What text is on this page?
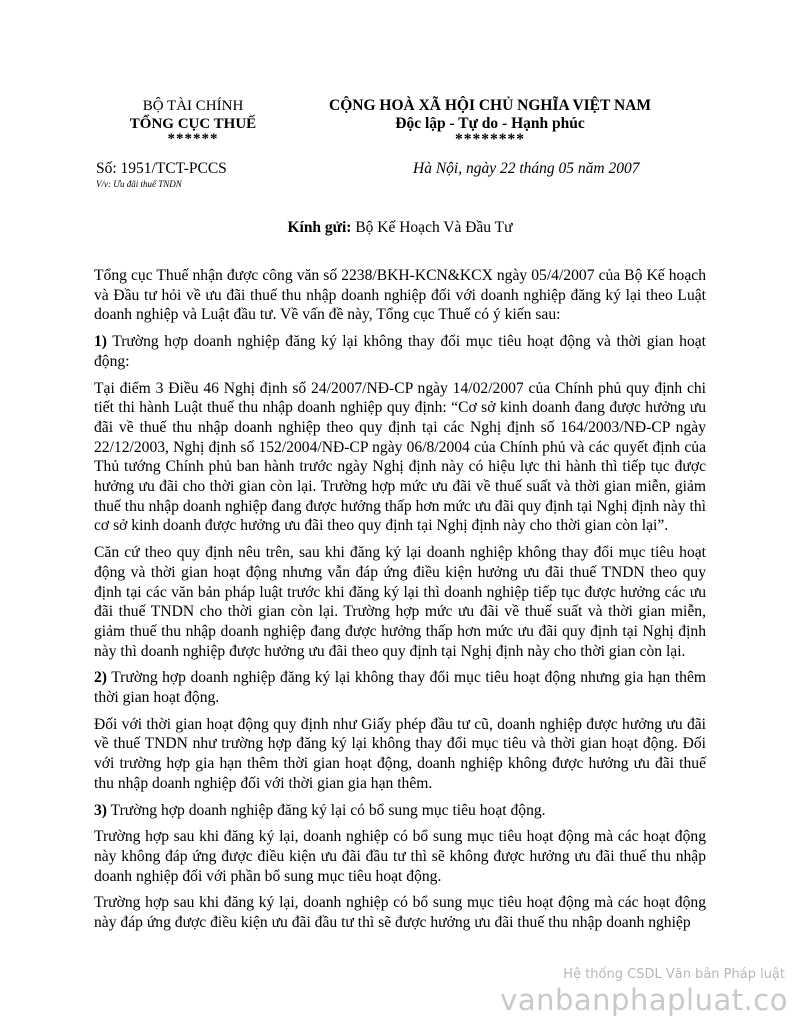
BỘ TÀI CHÍNH
TỔNG CỤC THUẾ
******
CỘNG HOÀ XÃ HỘI CHỦ NGHĨA VIỆT NAM
Độc lập - Tự do - Hạnh phúc
********
Số: 1951/TCT-PCCS
V/v: Ưu đãi thuế TNDN
Hà Nội, ngày 22 tháng 05 năm 2007
Kính gửi: Bộ Kế Hoạch Và Đầu Tư

Tổng cục Thuế nhận được công văn số 2238/BKH-KCN&KCX ngày 05/4/2007 của Bộ Kế hoạch và Đầu tư hỏi về ưu đãi thuế thu nhập doanh nghiệp đối với doanh nghiệp đăng ký lại theo Luật doanh nghiệp và Luật đầu tư. Về vấn đề này, Tổng cục Thuế có ý kiến sau:

1) Trường hợp doanh nghiệp đăng ký lại không thay đổi mục tiêu hoạt động và thời gian hoạt động:

Tại điểm 3 Điều 46 Nghị định số 24/2007/NĐ-CP ngày 14/02/2007 của Chính phủ quy định chi tiết thi hành Luật thuế thu nhập doanh nghiệp quy định: “Cơ sở kinh doanh đang được hưởng ưu đãi về thuế thu nhập doanh nghiệp theo quy định tại các Nghị định số 164/2003/NĐ-CP ngày 22/12/2003, Nghị định số 152/2004/NĐ-CP ngày 06/8/2004 của Chính phủ và các quyết định của Thủ tướng Chính phủ ban hành trước ngày Nghị định này có hiệu lực thi hành thì tiếp tục được hưởng ưu đãi cho thời gian còn lại. Trường hợp mức ưu đãi về thuế suất và thời gian miễn, giảm thuế thu nhập doanh nghiệp đang được hưởng thấp hơn mức ưu đãi quy định tại Nghị định này thì cơ sở kinh doanh được hưởng ưu đãi theo quy định tại Nghị định này cho thời gian còn lại”.

Căn cứ theo quy định nêu trên, sau khi đăng ký lại doanh nghiệp không thay đổi mục tiêu hoạt động và thời gian hoạt động nhưng vẫn đáp ứng điều kiện hưởng ưu đãi thuế TNDN theo quy định tại các văn bản pháp luật trước khi đăng ký lại thì doanh nghiệp tiếp tục được hưởng các ưu đãi thuế TNDN cho thời gian còn lại. Trường hợp mức ưu đãi về thuế suất và thời gian miễn, giảm thuế thu nhập doanh nghiệp đang được hưởng thấp hơn mức ưu đãi quy định tại Nghị định này thì doanh nghiệp được hưởng ưu đãi theo quy định tại Nghị định này cho thời gian còn lại.

2) Trường hợp doanh nghiệp đăng ký lại không thay đổi mục tiêu hoạt động nhưng gia hạn thêm thời gian hoạt động.

Đối với thời gian hoạt động quy định như Giấy phép đầu tư cũ, doanh nghiệp được hưởng ưu đãi về thuế TNDN như trường hợp đăng ký lại không thay đổi mục tiêu và thời gian hoạt động. Đối với trường hợp gia hạn thêm thời gian hoạt động, doanh nghiệp không được hưởng ưu đãi thuế thu nhập doanh nghiệp đối với thời gian gia hạn thêm.

3) Trường hợp doanh nghiệp đăng ký lại có bổ sung mục tiêu hoạt động.

Trường hợp sau khi đăng ký lại, doanh nghiệp có bổ sung mục tiêu hoạt động mà các hoạt động này không đáp ứng được điều kiện ưu đãi đầu tư thì sẽ không được hưởng ưu đãi thuế thu nhập doanh nghiệp đối với phần bổ sung mục tiêu hoạt động.

Trường hợp sau khi đăng ký lại, doanh nghiệp có bổ sung mục tiêu hoạt động mà các hoạt động này đáp ứng được điều kiện ưu đãi đầu tư thì sẽ được hưởng ưu đãi thuế thu nhập doanh nghiệp

Hệ thống CSDL Văn bản Pháp luật
vanbanphapluat.co
